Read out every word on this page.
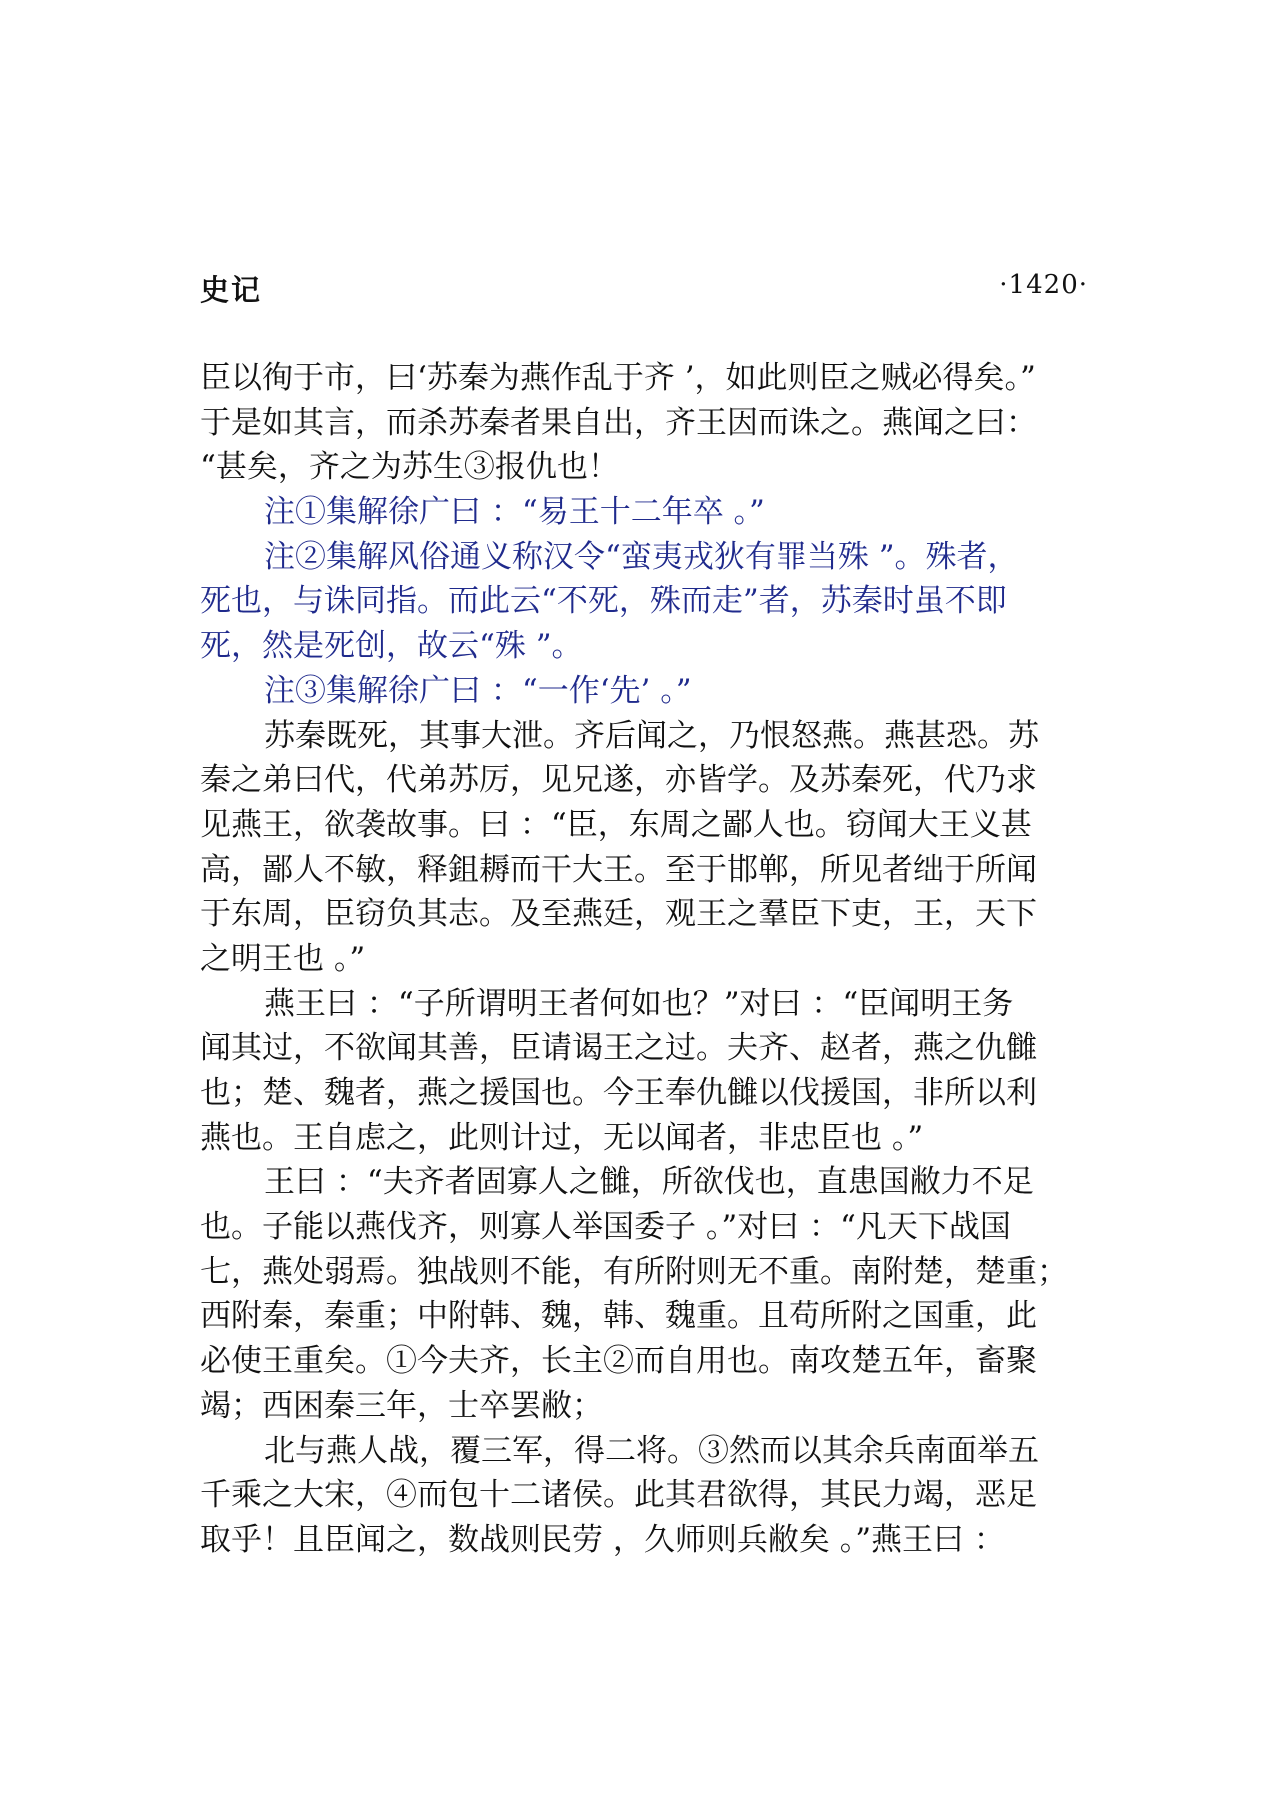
史记	·1420·
臣以徇于市，曰‘苏秦为燕作乱于齐 ’，如此则臣之贼必得矣。”
于是如其言，而杀苏秦者果自出，齐王因而诛之。燕闻之曰：
“甚矣，齐之为苏生③报仇也！
注①集解徐广曰 ：“易王十二年卒 。”
注②集解风俗通义称汉令“蛮夷戎狄有罪当殊 ”。殊者，
死也，与诛同指。而此云“不死，殊而走”者，苏秦时虽不即
死，然是死创，故云“殊 ”。
注③集解徐广曰 ：“一作‘先’ 。”
苏秦既死，其事大泄。齐后闻之，乃恨怒燕。燕甚恐。苏
秦之弟曰代，代弟苏厉，见兄遂，亦皆学。及苏秦死，代乃求
见燕王，欲袭故事。曰 ：“臣，东周之鄙人也。窃闻大王义甚
高，鄙人不敏，释鉏耨而干大王。至于邯郸，所见者绌于所闻
于东周，臣窃负其志。及至燕廷，观王之羣臣下吏，王，天下
之明王也 。”
燕王曰 ：“子所谓明王者何如也？”对曰 ：“臣闻明王务
闻其过，不欲闻其善，臣请谒王之过。夫齐、赵者，燕之仇雠
也；楚、魏者，燕之援国也。今王奉仇雠以伐援国，非所以利
燕也。王自虑之，此则计过，无以闻者，非忠臣也 。”
王曰 ：“夫齐者固寡人之雠，所欲伐也，直患国敝力不足
也。子能以燕伐齐，则寡人举国委子 。”对曰 ：“凡天下战国
七，燕处弱焉。独战则不能，有所附则无不重。南附楚，楚重；
西附秦，秦重；中附韩、魏，韩、魏重。且苟所附之国重，此
必使王重矣。①今夫齐，长主②而自用也。南攻楚五年，畜聚
竭；西困秦三年，士卒罢敝；
北与燕人战，覆三军，得二将。③然而以其余兵南面举五
千乘之大宋，④而包十二诸侯。此其君欲得，其民力竭，恶足
取乎！且臣闻之，数战则民劳 ，久师则兵敝矣 。”燕王曰 ：
